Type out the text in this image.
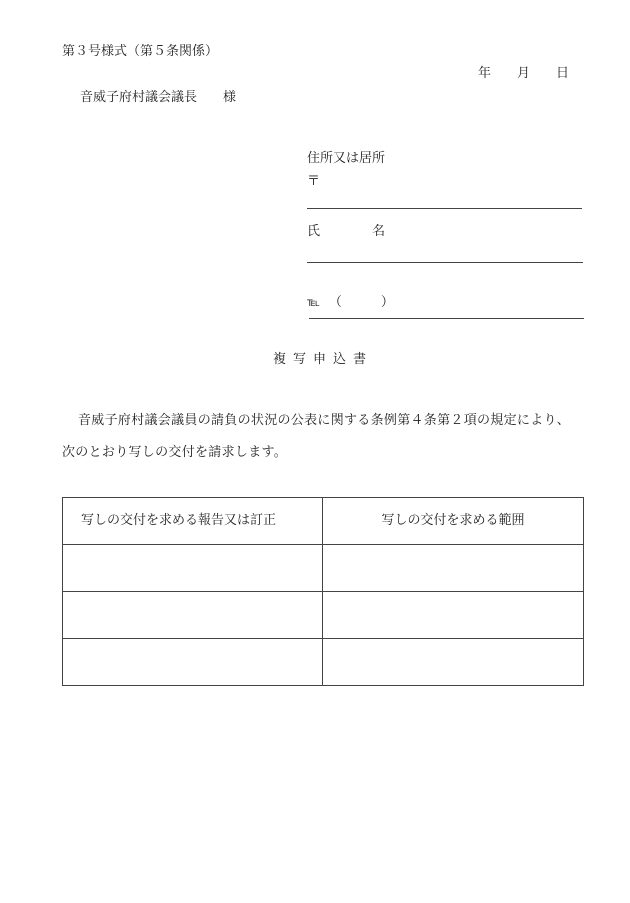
第３号様式（第５条関係）
年　　月　　日
音威子府村議会議長　　様
住所又は居所
〒
氏　　　　名
℡ （　　　）
複写申込書
音威子府村議会議員の請負の状況の公表に関する条例第４条第２項の規定により、
次のとおり写しの交付を請求します。
写しの交付を求める報告又は訂正	写しの交付を求める範囲
